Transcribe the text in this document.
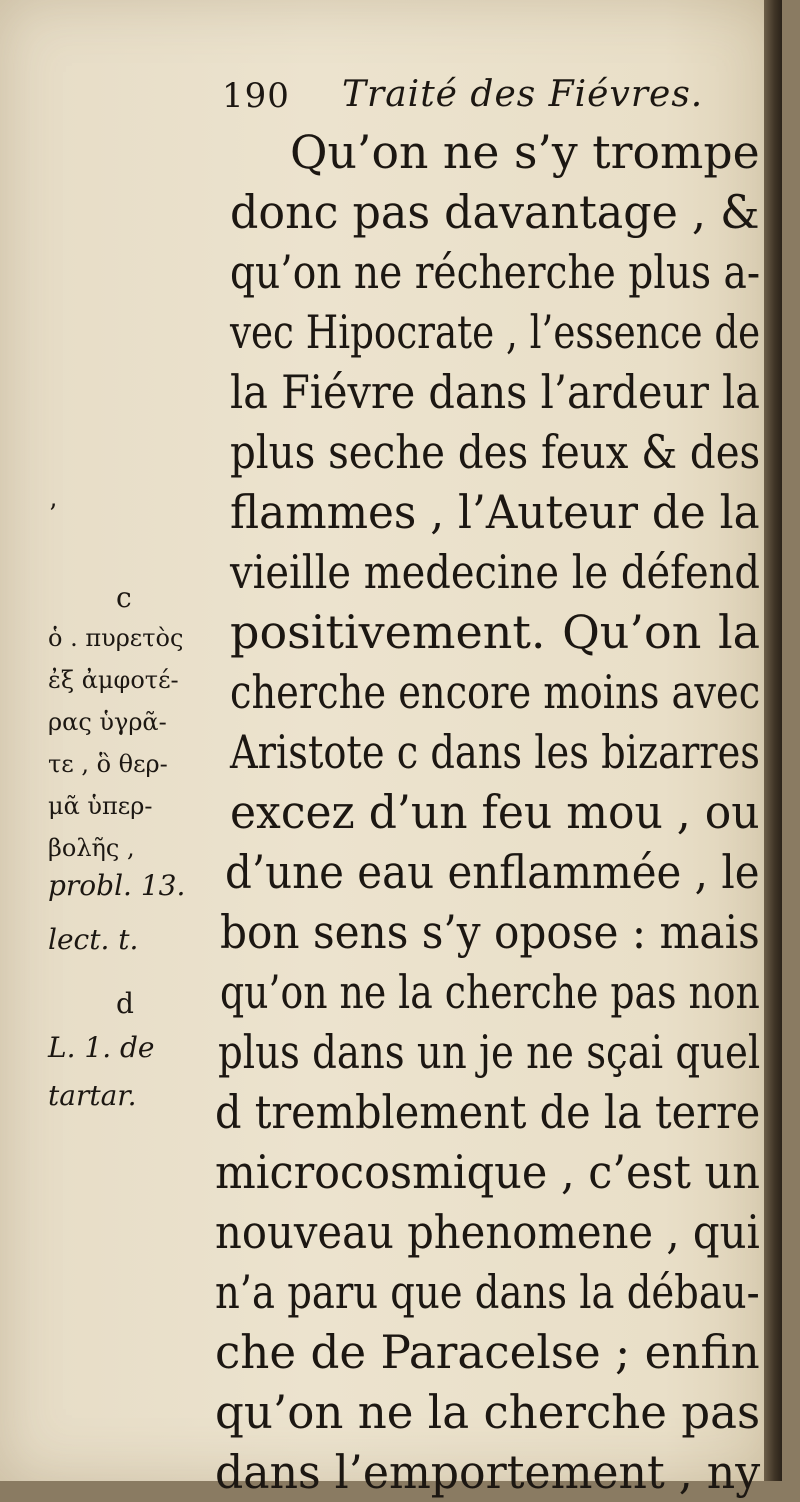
190 Traité des Fiévres.
Qu’on ne s’y trompe
donc pas davantage , &
qu’on ne récherche plus a-
vec Hipocrate , l’essence de
la Fiévre dans l’ardeur la
plus seche des feux & des
flammes , l’Auteur de la
vieille medecine le défend
positivement. Qu’on la
cherche encore moins avec
Aristote c dans les bizarres
excez d’un feu mou , ou
d’une eau enflammée , le
bon sens s’y opose : mais
qu’on ne la cherche pas non
plus dans un je ne sçai quel
d tremblement de la terre
microcosmique , c’est un
nouveau phenomene , qui
n’a paru que dans la débau-
che de Paracelse ; enfin
qu’on ne la cherche pas
dans l’emportement , ny
c
ὁ . πυρετὸς
ἐξ ἀμφοτέ-
ρας ὑγρᾶ-
τε , ὃ θερ-
μᾶ ὑπερ-
βολῆς ,
probl. 13.
lect. t.
d
L. 1. de
tartar.
ʼ
